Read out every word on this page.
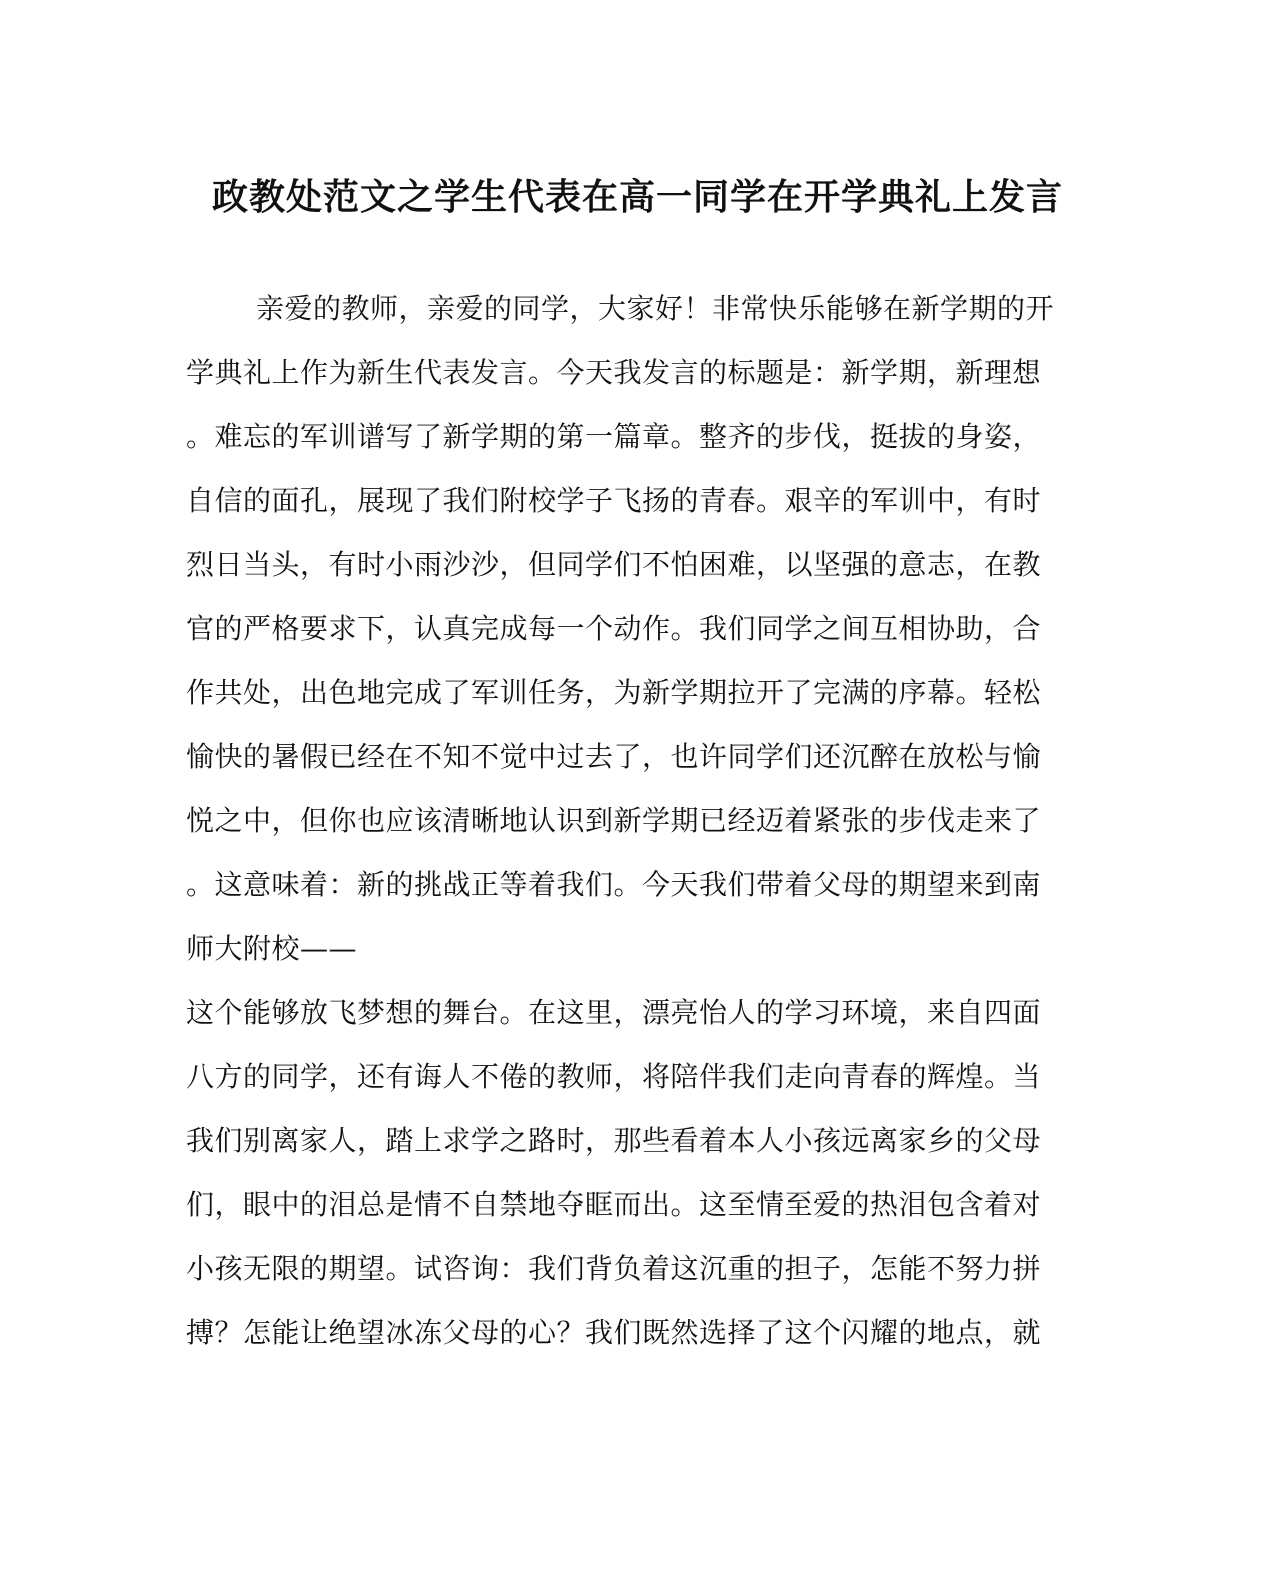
政教处范文之学生代表在高一同学在开学典礼上发言
亲爱的教师，亲爱的同学，大家好！非常快乐能够在新学期的开
学典礼上作为新生代表发言。今天我发言的标题是：新学期，新理想
。难忘的军训谱写了新学期的第一篇章。整齐的步伐，挺拔的身姿，
自信的面孔，展现了我们附校学子飞扬的青春。艰辛的军训中，有时
烈日当头，有时小雨沙沙，但同学们不怕困难，以坚强的意志，在教
官的严格要求下，认真完成每一个动作。我们同学之间互相协助，合
作共处，出色地完成了军训任务，为新学期拉开了完满的序幕。轻松
愉快的暑假已经在不知不觉中过去了，也许同学们还沉醉在放松与愉
悦之中，但你也应该清晰地认识到新学期已经迈着紧张的步伐走来了
。这意味着：新的挑战正等着我们。今天我们带着父母的期望来到南
师大附校——
这个能够放飞梦想的舞台。在这里，漂亮怡人的学习环境，来自四面
八方的同学，还有诲人不倦的教师，将陪伴我们走向青春的辉煌。当
我们别离家人，踏上求学之路时，那些看着本人小孩远离家乡的父母
们，眼中的泪总是情不自禁地夺眶而出。这至情至爱的热泪包含着对
小孩无限的期望。试咨询：我们背负着这沉重的担子，怎能不努力拼
搏？怎能让绝望冰冻父母的心？我们既然选择了这个闪耀的地点，就
